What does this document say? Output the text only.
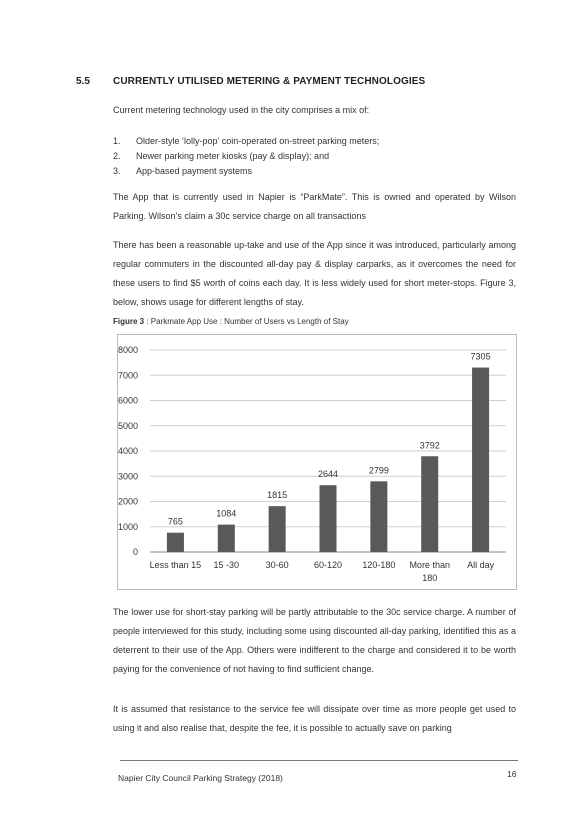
5.5 CURRENTLY UTILISED METERING & PAYMENT TECHNOLOGIES
Current metering technology used in the city comprises a mix of:
1.	Older-style ‘lolly-pop’ coin-operated on-street parking meters;
2.	Newer parking meter kiosks (pay & display); and
3.	App-based payment systems
The App that is currently used in Napier is “ParkMate”. This is owned and operated by Wilson Parking. Wilson’s claim a 30c service charge on all transactions
There has been a reasonable up-take and use of the App since it was introduced, particularly among regular commuters in the discounted all-day pay & display carparks, as it overcomes the need for these users to find $5 worth of coins each day. It is less widely used for short meter-stops. Figure 3, below, shows usage for different lengths of stay.
Figure 3 : Parkmate App Use : Number of Users vs Length of Stay
0
1000
2000
3000
4000
5000
6000
7000
8000
765
1084
1815
2644	2799
3792
7305
Less than 15 15 -30	30-60	60-120 120-180 More than
180
All day
The lower use for short-stay parking will be partly attributable to the 30c service charge. A number of people interviewed for this study, including some using discounted all-day parking, identified this as a deterrent to their use of the App. Others were indifferent to the charge and considered it to be worth paying for the convenience of not having to find sufficient change.
It is assumed that resistance to the service fee will dissipate over time as more people get used to using it and also realise that, despite the fee, it is possible to actually save on parking
Napier City Council Parking Strategy (2018)	16
